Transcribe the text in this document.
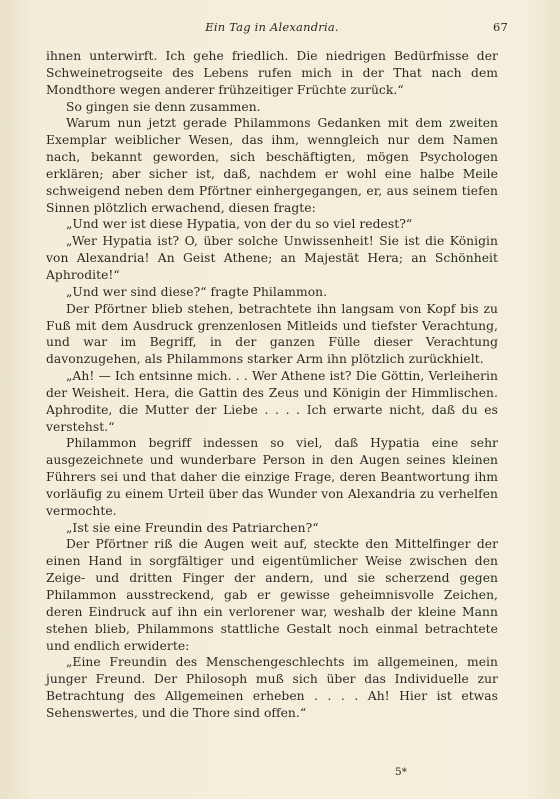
Ein Tag in Alexandria.	67

ihnen unterwirft. Ich gehe friedlich. Die niedrigen Bedürfnisse der Schweinetrogseite des Lebens rufen mich in der That nach dem Mondthore wegen anderer frühzeitiger Früchte zurück.“

So gingen sie denn zusammen.

Warum nun jetzt gerade Philammons Gedanken mit dem zweiten Exemplar weiblicher Wesen, das ihm, wenngleich nur dem Namen nach, bekannt geworden, sich beschäftigten, mögen Psychologen erklären; aber sicher ist, daß, nachdem er wohl eine halbe Meile schweigend neben dem Pförtner einhergegangen, er, aus seinem tiefen Sinnen plötzlich erwachend, diesen fragte:

„Und wer ist diese Hypatia, von der du so viel redest?“

„Wer Hypatia ist? O, über solche Unwissenheit! Sie ist die Königin von Alexandria! An Geist Athene; an Majestät Hera; an Schönheit Aphrodite!“

„Und wer sind diese?“ fragte Philammon.

Der Pförtner blieb stehen, betrachtete ihn langsam von Kopf bis zu Fuß mit dem Ausdruck grenzenlosen Mitleids und tiefster Verachtung, und war im Begriff, in der ganzen Fülle dieser Verachtung davonzugehen, als Philammons starker Arm ihn plötzlich zurückhielt.

„Ah! — Ich entsinne mich. . . Wer Athene ist? Die Göttin, Verleiherin der Weisheit. Hera, die Gattin des Zeus und Königin der Himmlischen. Aphrodite, die Mutter der Liebe . . . . Ich erwarte nicht, daß du es verstehst.“

Philammon begriff indessen so viel, daß Hypatia eine sehr ausgezeichnete und wunderbare Person in den Augen seines kleinen Führers sei und that daher die einzige Frage, deren Beantwortung ihm vorläufig zu einem Urteil über das Wunder von Alexandria zu verhelfen vermochte.

„Ist sie eine Freundin des Patriarchen?“

Der Pförtner riß die Augen weit auf, steckte den Mittelfinger der einen Hand in sorgfältiger und eigentümlicher Weise zwischen den Zeige- und dritten Finger der andern, und sie scherzend gegen Philammon ausstreckend, gab er gewisse geheimnisvolle Zeichen, deren Eindruck auf ihn ein verlorener war, weshalb der kleine Mann stehen blieb, Philammons stattliche Gestalt noch einmal betrachtete und endlich erwiderte:

„Eine Freundin des Menschengeschlechts im allgemeinen, mein junger Freund. Der Philosoph muß sich über das Individuelle zur Betrachtung des Allgemeinen erheben . . . . Ah! Hier ist etwas Sehenswertes, und die Thore sind offen.“

5*
